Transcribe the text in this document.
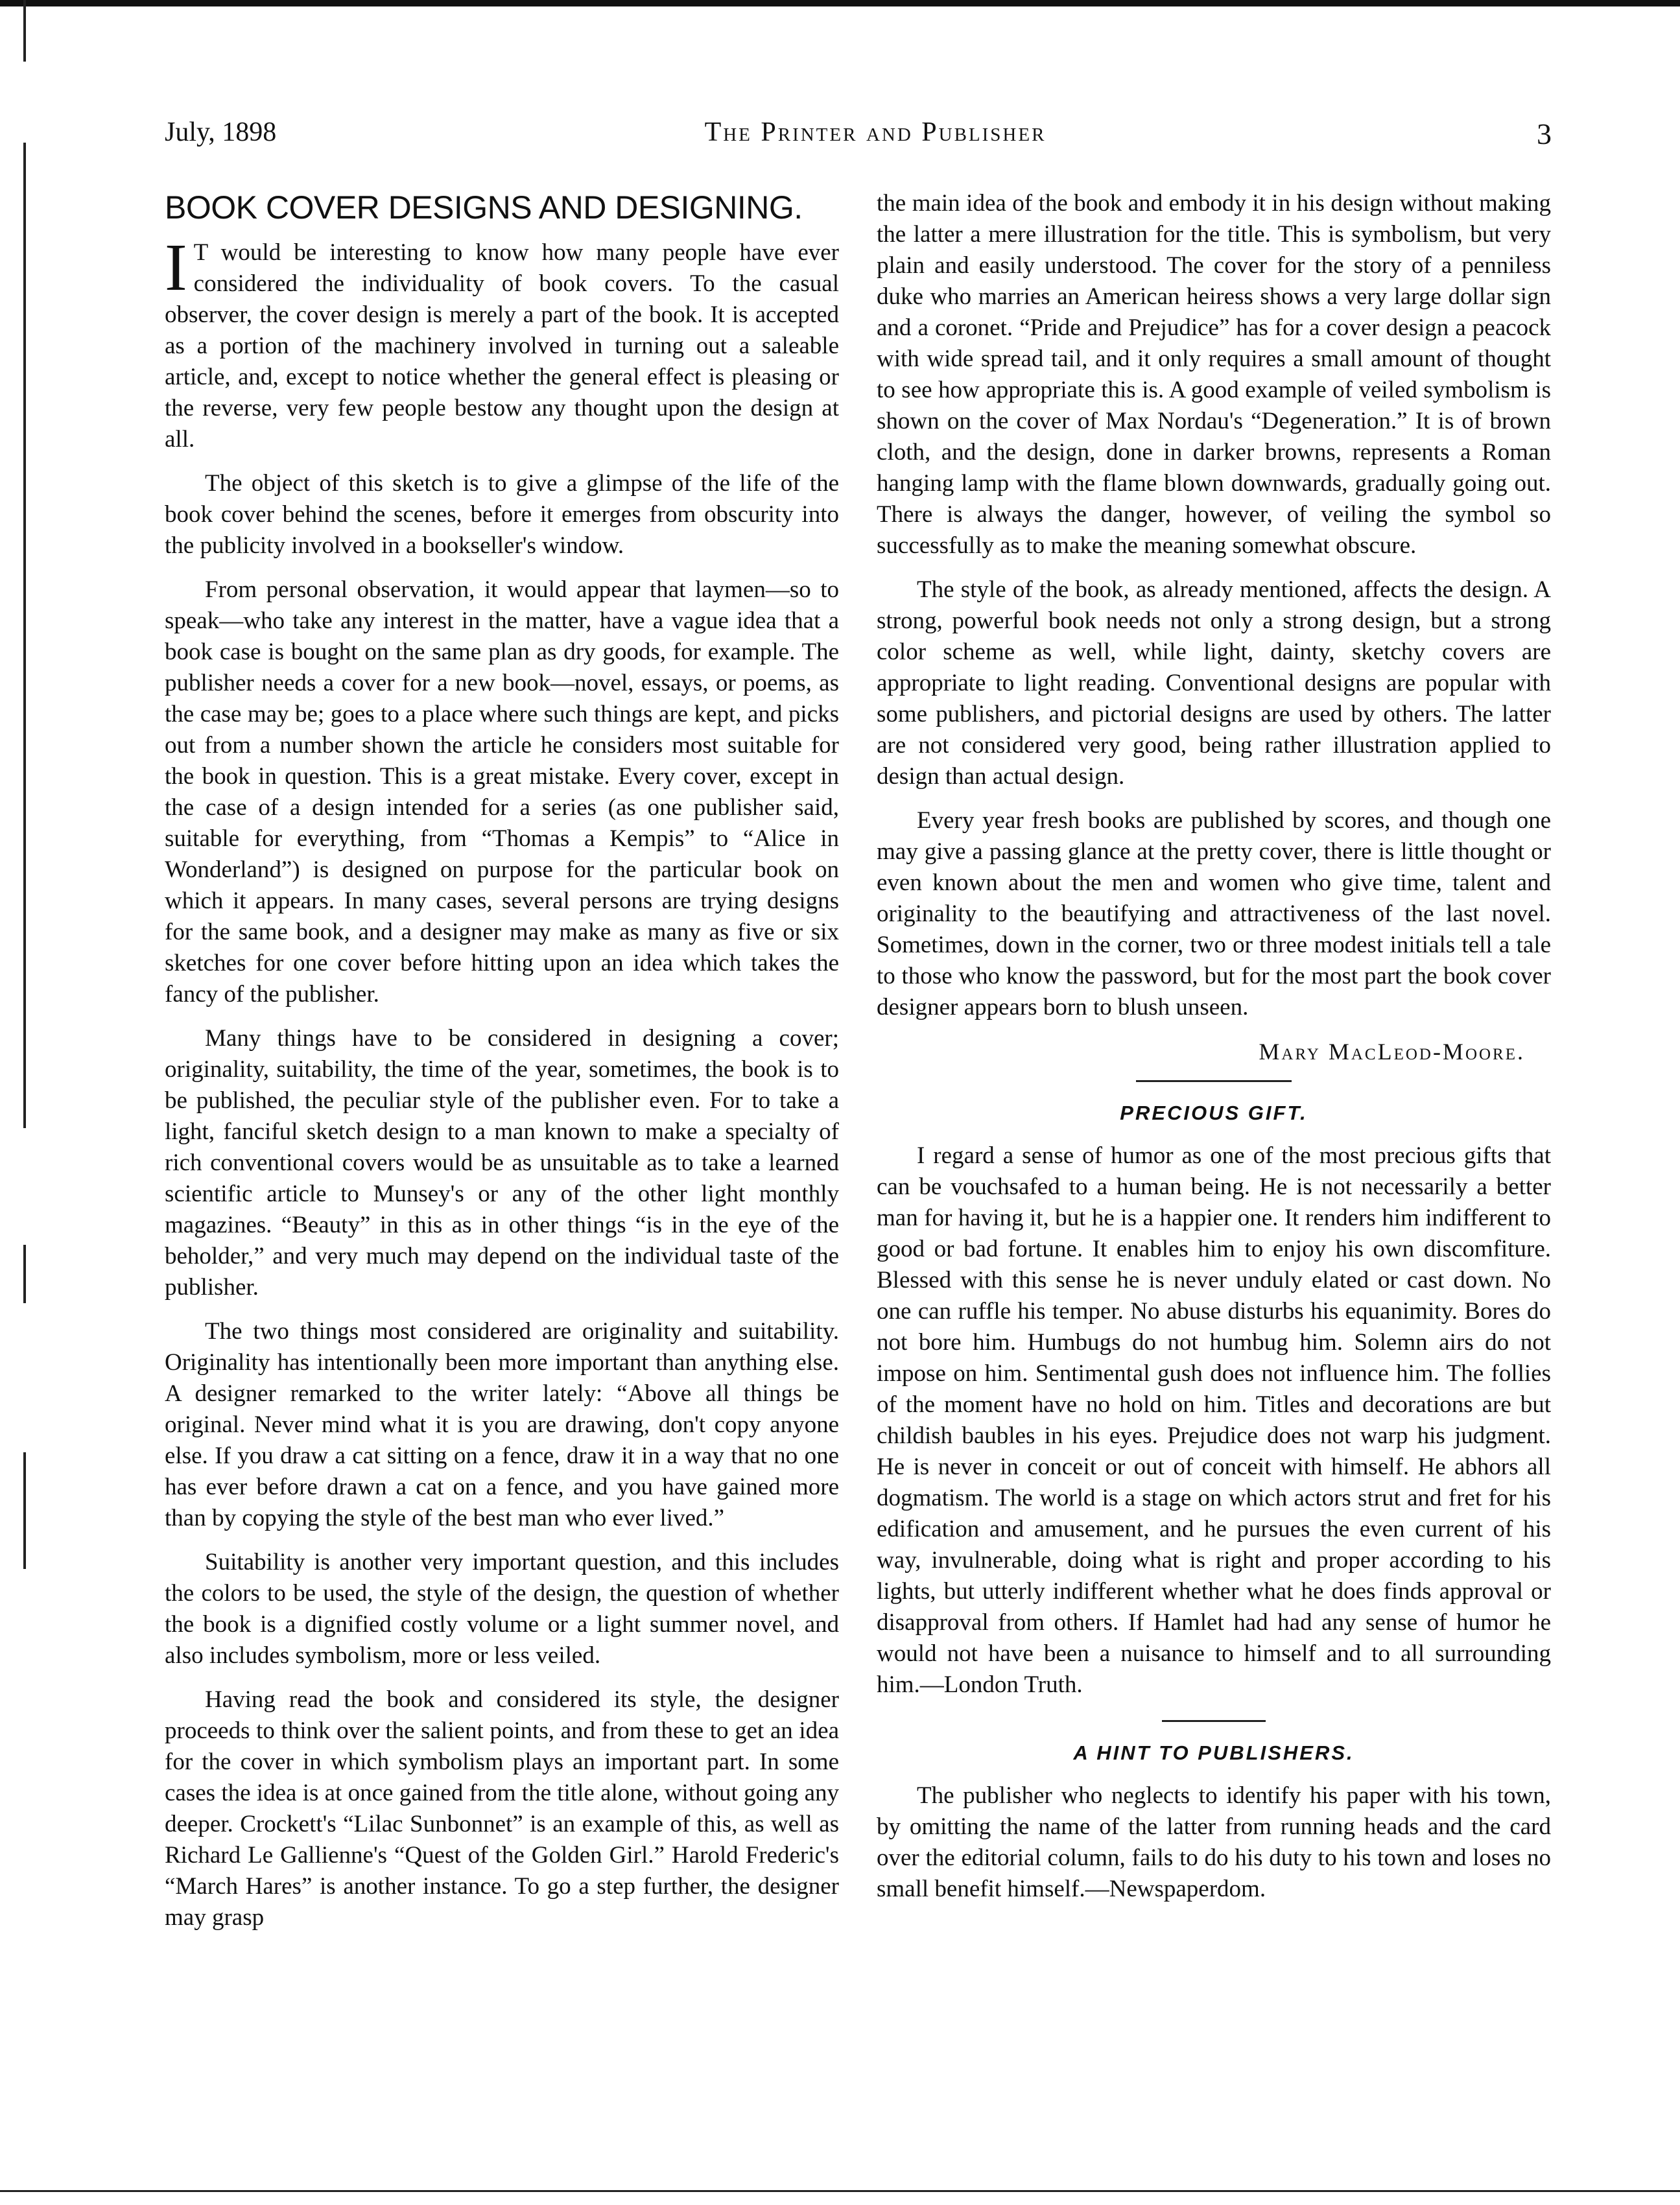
July, 1898	The Printer and Publisher	3
BOOK COVER DESIGNS AND DESIGNING.

I T would be interesting to know how many people have ever considered the individuality of book covers. To the casual observer, the cover design is merely a part of the book. It is accepted as a portion of the machinery involved in turning out a saleable article, and, except to notice whether the general effect is pleasing or the reverse, very few people bestow any thought upon the design at all.

The object of this sketch is to give a glimpse of the life of the book cover behind the scenes, before it emerges from obscurity into the publicity involved in a bookseller's window.

From personal observation, it would appear that laymen—so to speak—who take any interest in the matter, have a vague idea that a book case is bought on the same plan as dry goods, for example. The publisher needs a cover for a new book—novel, essays, or poems, as the case may be; goes to a place where such things are kept, and picks out from a number shown the article he considers most suitable for the book in question. This is a great mistake. Every cover, except in the case of a design intended for a series (as one publisher said, suitable for everything, from “Thomas a Kempis” to “Alice in Wonderland”) is designed on purpose for the particular book on which it appears. In many cases, several persons are trying designs for the same book, and a designer may make as many as five or six sketches for one cover before hitting upon an idea which takes the fancy of the publisher.

Many things have to be considered in designing a cover; originality, suitability, the time of the year, sometimes, the book is to be published, the peculiar style of the publisher even. For to take a light, fanciful sketch design to a man known to make a specialty of rich conventional covers would be as unsuitable as to take a learned scientific article to Munsey's or any of the other light monthly magazines. “Beauty” in this as in other things “is in the eye of the beholder,” and very much may depend on the individual taste of the publisher.

The two things most considered are originality and suitability. Originality has intentionally been more important than anything else. A designer remarked to the writer lately: “Above all things be original. Never mind what it is you are drawing, don't copy anyone else. If you draw a cat sitting on a fence, draw it in a way that no one has ever before drawn a cat on a fence, and you have gained more than by copying the style of the best man who ever lived.”

Suitability is another very important question, and this includes the colors to be used, the style of the design, the question of whether the book is a dignified costly volume or a light summer novel, and also includes symbolism, more or less veiled.

Having read the book and considered its style, the designer proceeds to think over the salient points, and from these to get an idea for the cover in which symbolism plays an important part. In some cases the idea is at once gained from the title alone, without going any deeper. Crockett's “Lilac Sunbonnet” is an example of this, as well as Richard Le Gallienne's “Quest of the Golden Girl.” Harold Frederic's “March Hares” is another instance. To go a step further, the designer may grasp

the main idea of the book and embody it in his design without making the latter a mere illustration for the title. This is symbolism, but very plain and easily understood. The cover for the story of a penniless duke who marries an American heiress shows a very large dollar sign and a coronet. “Pride and Prejudice” has for a cover design a peacock with wide spread tail, and it only requires a small amount of thought to see how appropriate this is. A good example of veiled symbolism is shown on the cover of Max Nordau's “Degeneration.” It is of brown cloth, and the design, done in darker browns, represents a Roman hanging lamp with the flame blown downwards, gradually going out. There is always the danger, however, of veiling the symbol so successfully as to make the meaning somewhat obscure.

The style of the book, as already mentioned, affects the design. A strong, powerful book needs not only a strong design, but a strong color scheme as well, while light, dainty, sketchy covers are appropriate to light reading. Conventional designs are popular with some publishers, and pictorial designs are used by others. The latter are not considered very good, being rather illustration applied to design than actual design.

Every year fresh books are published by scores, and though one may give a passing glance at the pretty cover, there is little thought or even known about the men and women who give time, talent and originality to the beautifying and attractiveness of the last novel. Sometimes, down in the corner, two or three modest initials tell a tale to those who know the password, but for the most part the book cover designer appears born to blush unseen.

Mary MacLeod-Moore.
PRECIOUS GIFT.

I regard a sense of humor as one of the most precious gifts that can be vouchsafed to a human being. He is not necessarily a better man for having it, but he is a happier one. It renders him indifferent to good or bad fortune. It enables him to enjoy his own discomfiture. Blessed with this sense he is never unduly elated or cast down. No one can ruffle his temper. No abuse disturbs his equanimity. Bores do not bore him. Humbugs do not humbug him. Solemn airs do not impose on him. Sentimental gush does not influence him. The follies of the moment have no hold on him. Titles and decorations are but childish baubles in his eyes. Prejudice does not warp his judgment. He is never in conceit or out of conceit with himself. He abhors all dogmatism. The world is a stage on which actors strut and fret for his edification and amusement, and he pursues the even current of his way, invulnerable, doing what is right and proper according to his lights, but utterly indifferent whether what he does finds approval or disapproval from others. If Hamlet had had any sense of humor he would not have been a nuisance to himself and to all surrounding him.—London Truth.

A HINT TO PUBLISHERS.

The publisher who neglects to identify his paper with his town, by omitting the name of the latter from running heads and the card over the editorial column, fails to do his duty to his town and loses no small benefit himself.—Newspaperdom.
